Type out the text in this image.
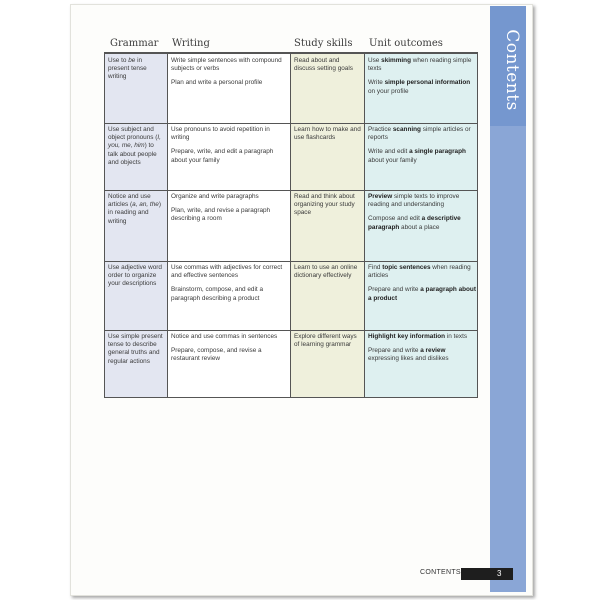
Contents
Grammar Writing	Study skills Unit outcomes

Use to be in present tense writing

Write simple sentences with compound subjects or verbs

Plan and write a personal profile

Read about and discuss setting goals

Use skimming when reading simple texts

Write simple personal information on your profile

Use subject and object pronouns (I, you, me, him) to talk about people and objects

Use pronouns to avoid repetition in writing

Prepare, write, and edit a paragraph about your family

Learn how to make and use flashcards

Practice scanning simple articles or reports

Write and edit a single paragraph about your family

Notice and use articles (a, an, the) in reading and writing

Organize and write paragraphs

Plan, write, and revise a paragraph describing a room

Read and think about organizing your study space

Preview simple texts to improve reading and understanding

Compose and edit a descriptive paragraph about a place

Use adjective word order to organize your descriptions

Use commas with adjectives for correct and effective sentences

Brainstorm, compose, and edit a paragraph describing a product

Learn to use an online dictionary effectively

Find topic sentences when reading articles

Prepare and write a paragraph about a product

Use simple present tense to describe general truths and regular actions

Notice and use commas in sentences

Prepare, compose, and revise a restaurant review

Explore different ways of learning grammar

Highlight key information in texts

Prepare and write a review expressing likes and dislikes

CONTENTS	3
